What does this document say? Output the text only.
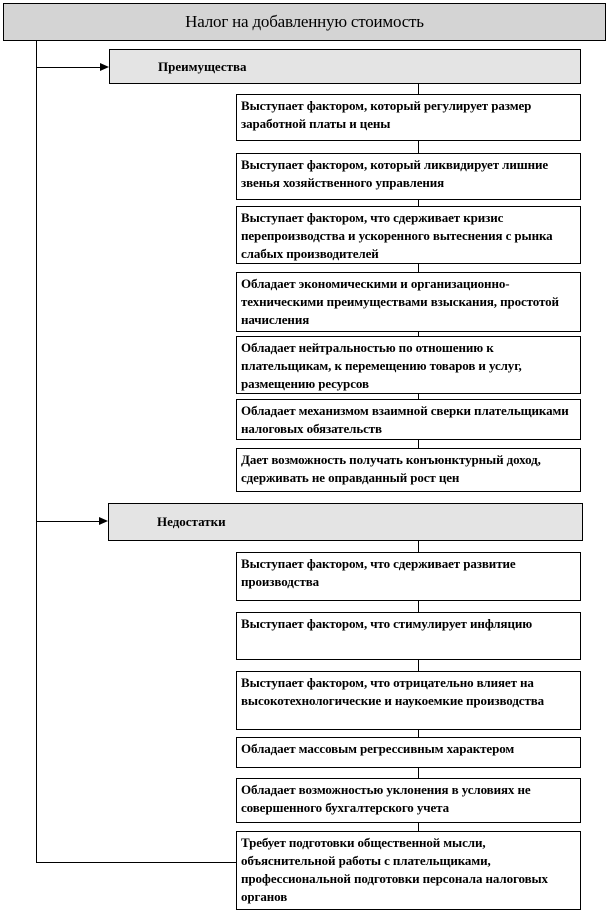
Налог на добавленную стоимость
Преимущества
Недостатки
Выступает фактором, который регулирует размер заработной платы и цены
Выступает фактором, который ликвидирует лишние звенья хозяйственного управления
Выступает фактором, что сдерживает кризис перепроизводства и ускоренного вытеснения с рынка слабых производителей
Обладает экономическими и организационно-техническими преимуществами взыскания, простотой начисления
Обладает нейтральностью по отношению к плательщикам, к перемещению товаров и услуг, размещению ресурсов
Обладает механизмом взаимной сверки плательщиками налоговых обязательств
Дает возможность получать конъюнктурный доход, сдерживать не оправданный рост цен
Выступает фактором, что сдерживает развитие производства
Выступает фактором, что стимулирует инфляцию
Выступает фактором, что отрицательно влияет на высокотехнологические и наукоемкие производства
Обладает массовым регрессивным характером
Обладает возможностью уклонения в условиях не совершенного бухгалтерского учета
Требует подготовки общественной мысли, объяснительной работы с плательщиками, профессиональной подготовки персонала налоговых органов
